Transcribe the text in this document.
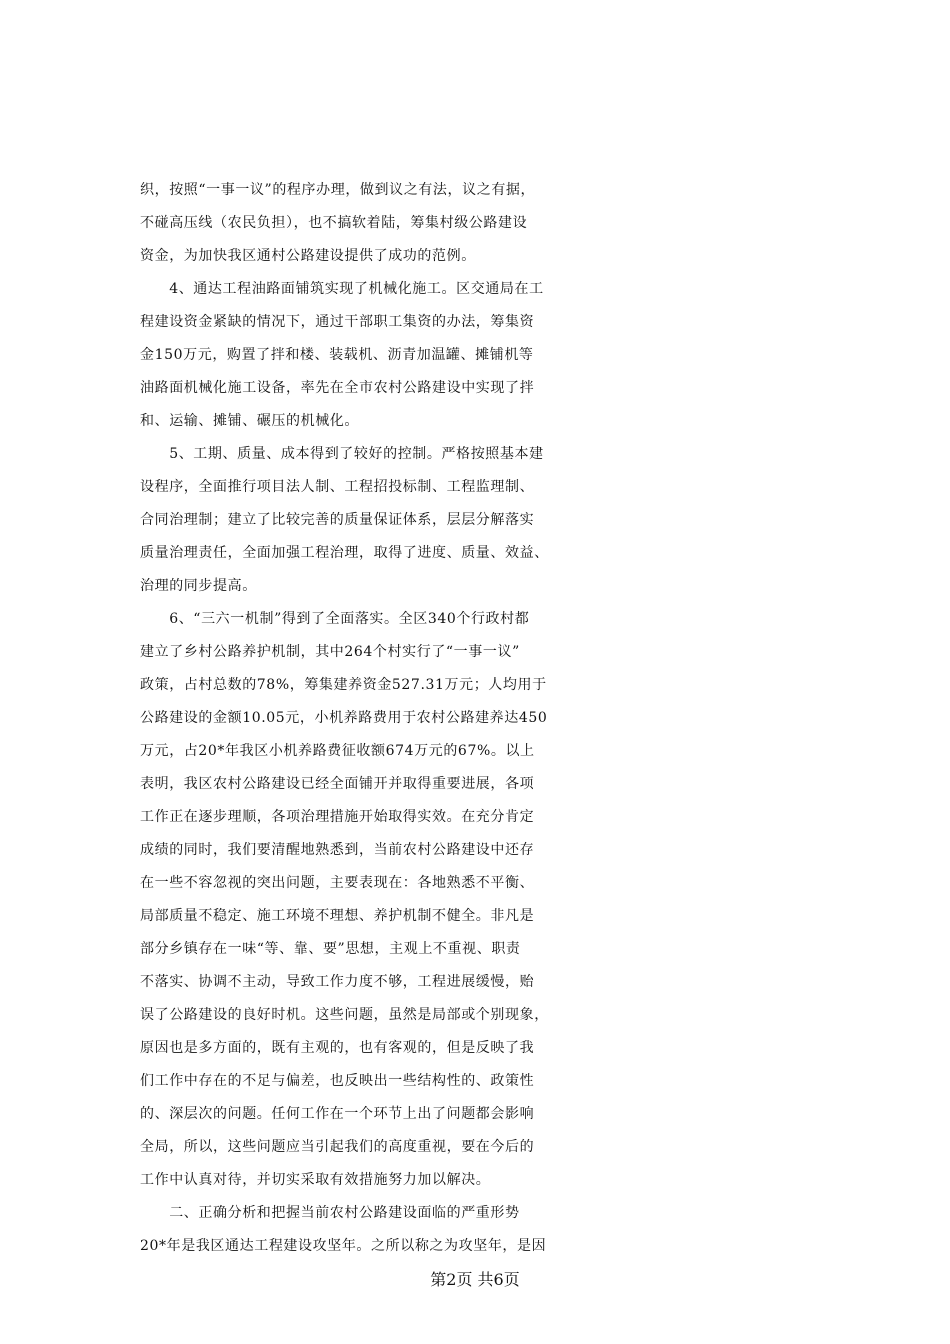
织，按照“一事一议”的程序办理，做到议之有法，议之有据，
不碰高压线（农民负担），也不搞软着陆，筹集村级公路建设
资金，为加快我区通村公路建设提供了成功的范例。
　　4、通达工程油路面铺筑实现了机械化施工。区交通局在工
程建设资金紧缺的情况下，通过干部职工集资的办法，筹集资
金150万元，购置了拌和楼、装载机、沥青加温罐、摊铺机等
油路面机械化施工设备，率先在全市农村公路建设中实现了拌
和、运输、摊铺、碾压的机械化。
　　5、工期、质量、成本得到了较好的控制。严格按照基本建
设程序，全面推行项目法人制、工程招投标制、工程监理制、
合同治理制；建立了比较完善的质量保证体系，层层分解落实
质量治理责任，全面加强工程治理，取得了进度、质量、效益、
治理的同步提高。
　　6、“三六一机制”得到了全面落实。全区340个行政村都
建立了乡村公路养护机制，其中264个村实行了“一事一议”
政策，占村总数的78%，筹集建养资金527.31万元；人均用于
公路建设的金额10.05元，小机养路费用于农村公路建养达450
万元，占20*年我区小机养路费征收额674万元的67%。以上
表明，我区农村公路建设已经全面铺开并取得重要进展，各项
工作正在逐步理顺，各项治理措施开始取得实效。在充分肯定
成绩的同时，我们要清醒地熟悉到，当前农村公路建设中还存
在一些不容忽视的突出问题，主要表现在：各地熟悉不平衡、
局部质量不稳定、施工环境不理想、养护机制不健全。非凡是
部分乡镇存在一味“等、靠、要”思想，主观上不重视、职责
不落实、协调不主动，导致工作力度不够，工程进展缓慢，贻
误了公路建设的良好时机。这些问题，虽然是局部或个别现象，
原因也是多方面的，既有主观的，也有客观的，但是反映了我
们工作中存在的不足与偏差，也反映出一些结构性的、政策性
的、深层次的问题。任何工作在一个环节上出了问题都会影响
全局，所以，这些问题应当引起我们的高度重视，要在今后的
工作中认真对待，并切实采取有效措施努力加以解决。
　　二、正确分析和把握当前农村公路建设面临的严重形势
20*年是我区通达工程建设攻坚年。之所以称之为攻坚年，是因
第2页 共6页
